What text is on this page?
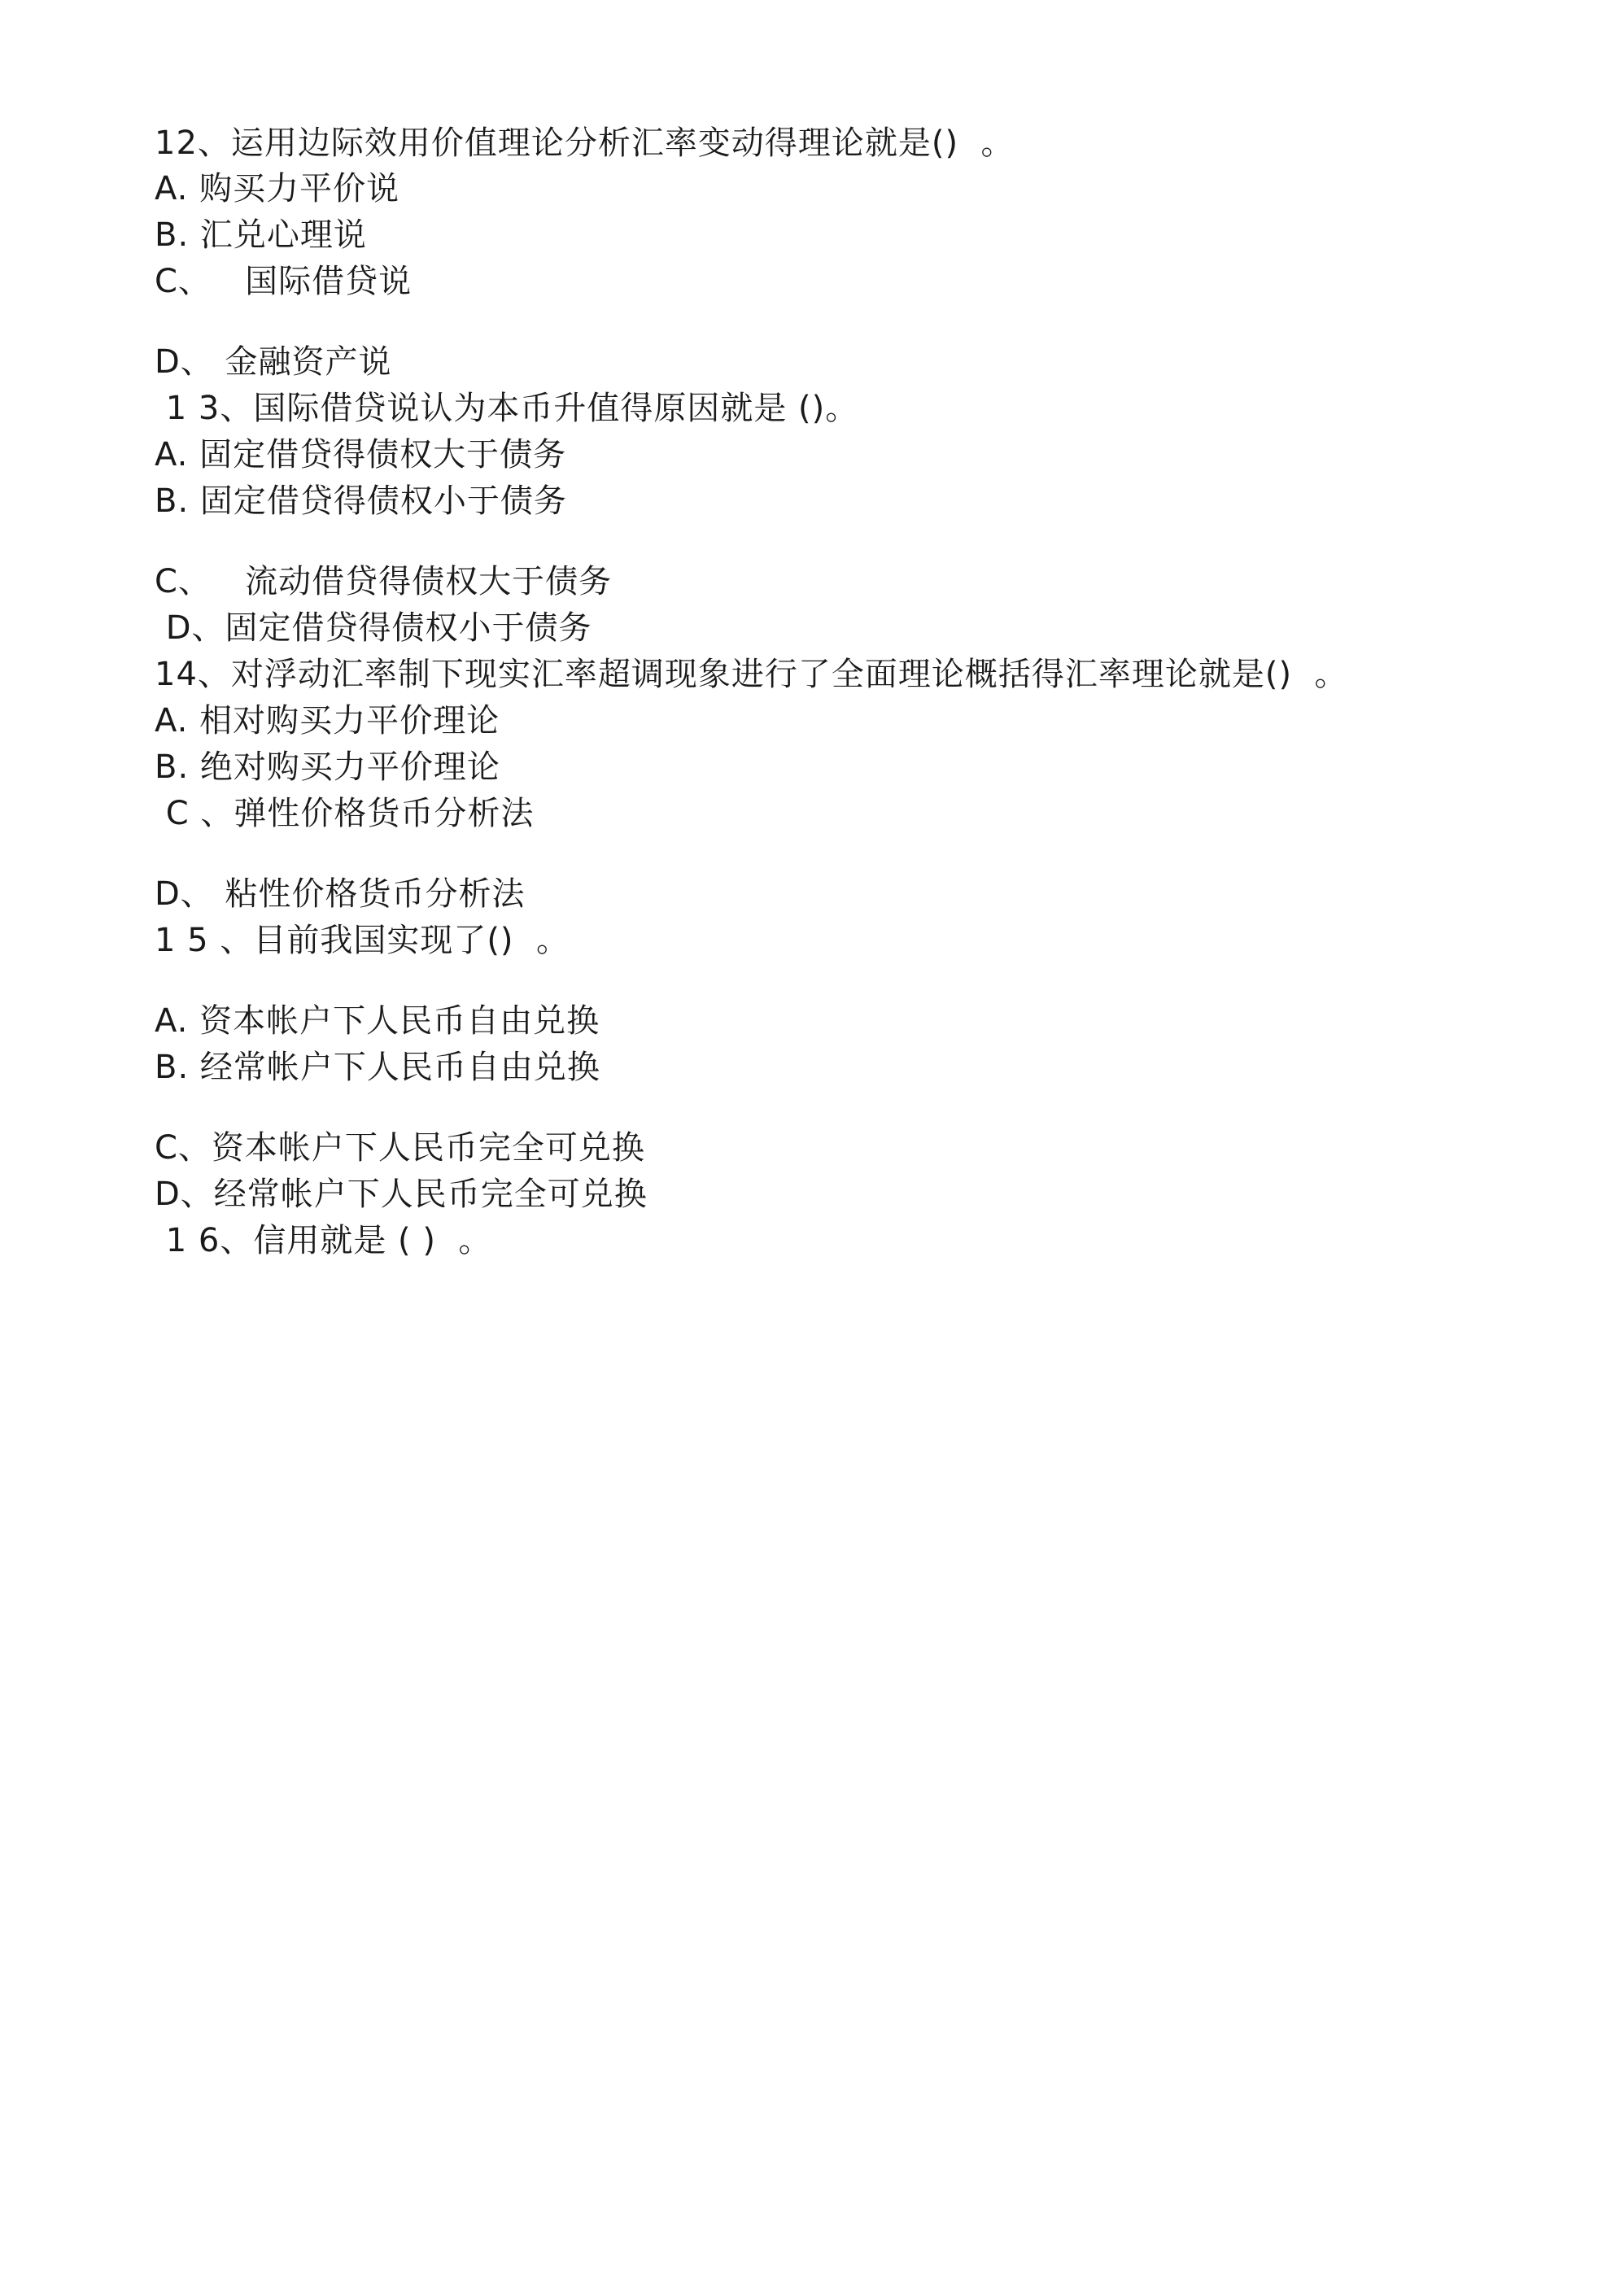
12、运用边际效用价值理论分析汇率变动得理论就是()  。
A. 购买力平价说
B. 汇兑心理说
C、   国际借贷说
D、 金融资产说
1 3、国际借贷说认为本币升值得原因就是 ()。
A. 固定借贷得债权大于债务
B. 固定借贷得债权小于债务
C、   流动借贷得债权大于债务
D、固定借贷得债权小于债务
14、对浮动汇率制下现实汇率超调现象进行了全面理论概括得汇率理论就是()  。
A. 相对购买力平价理论
B. 绝对购买力平价理论
C 、弹性价格货币分析法
D、 粘性价格货币分析法
1 5 、目前我国实现了()  。
A. 资本帐户下人民币自由兑换
B. 经常帐户下人民币自由兑换
C、资本帐户下人民币完全可兑换
D、经常帐户下人民币完全可兑换
1 6、信用就是 ( )  。
